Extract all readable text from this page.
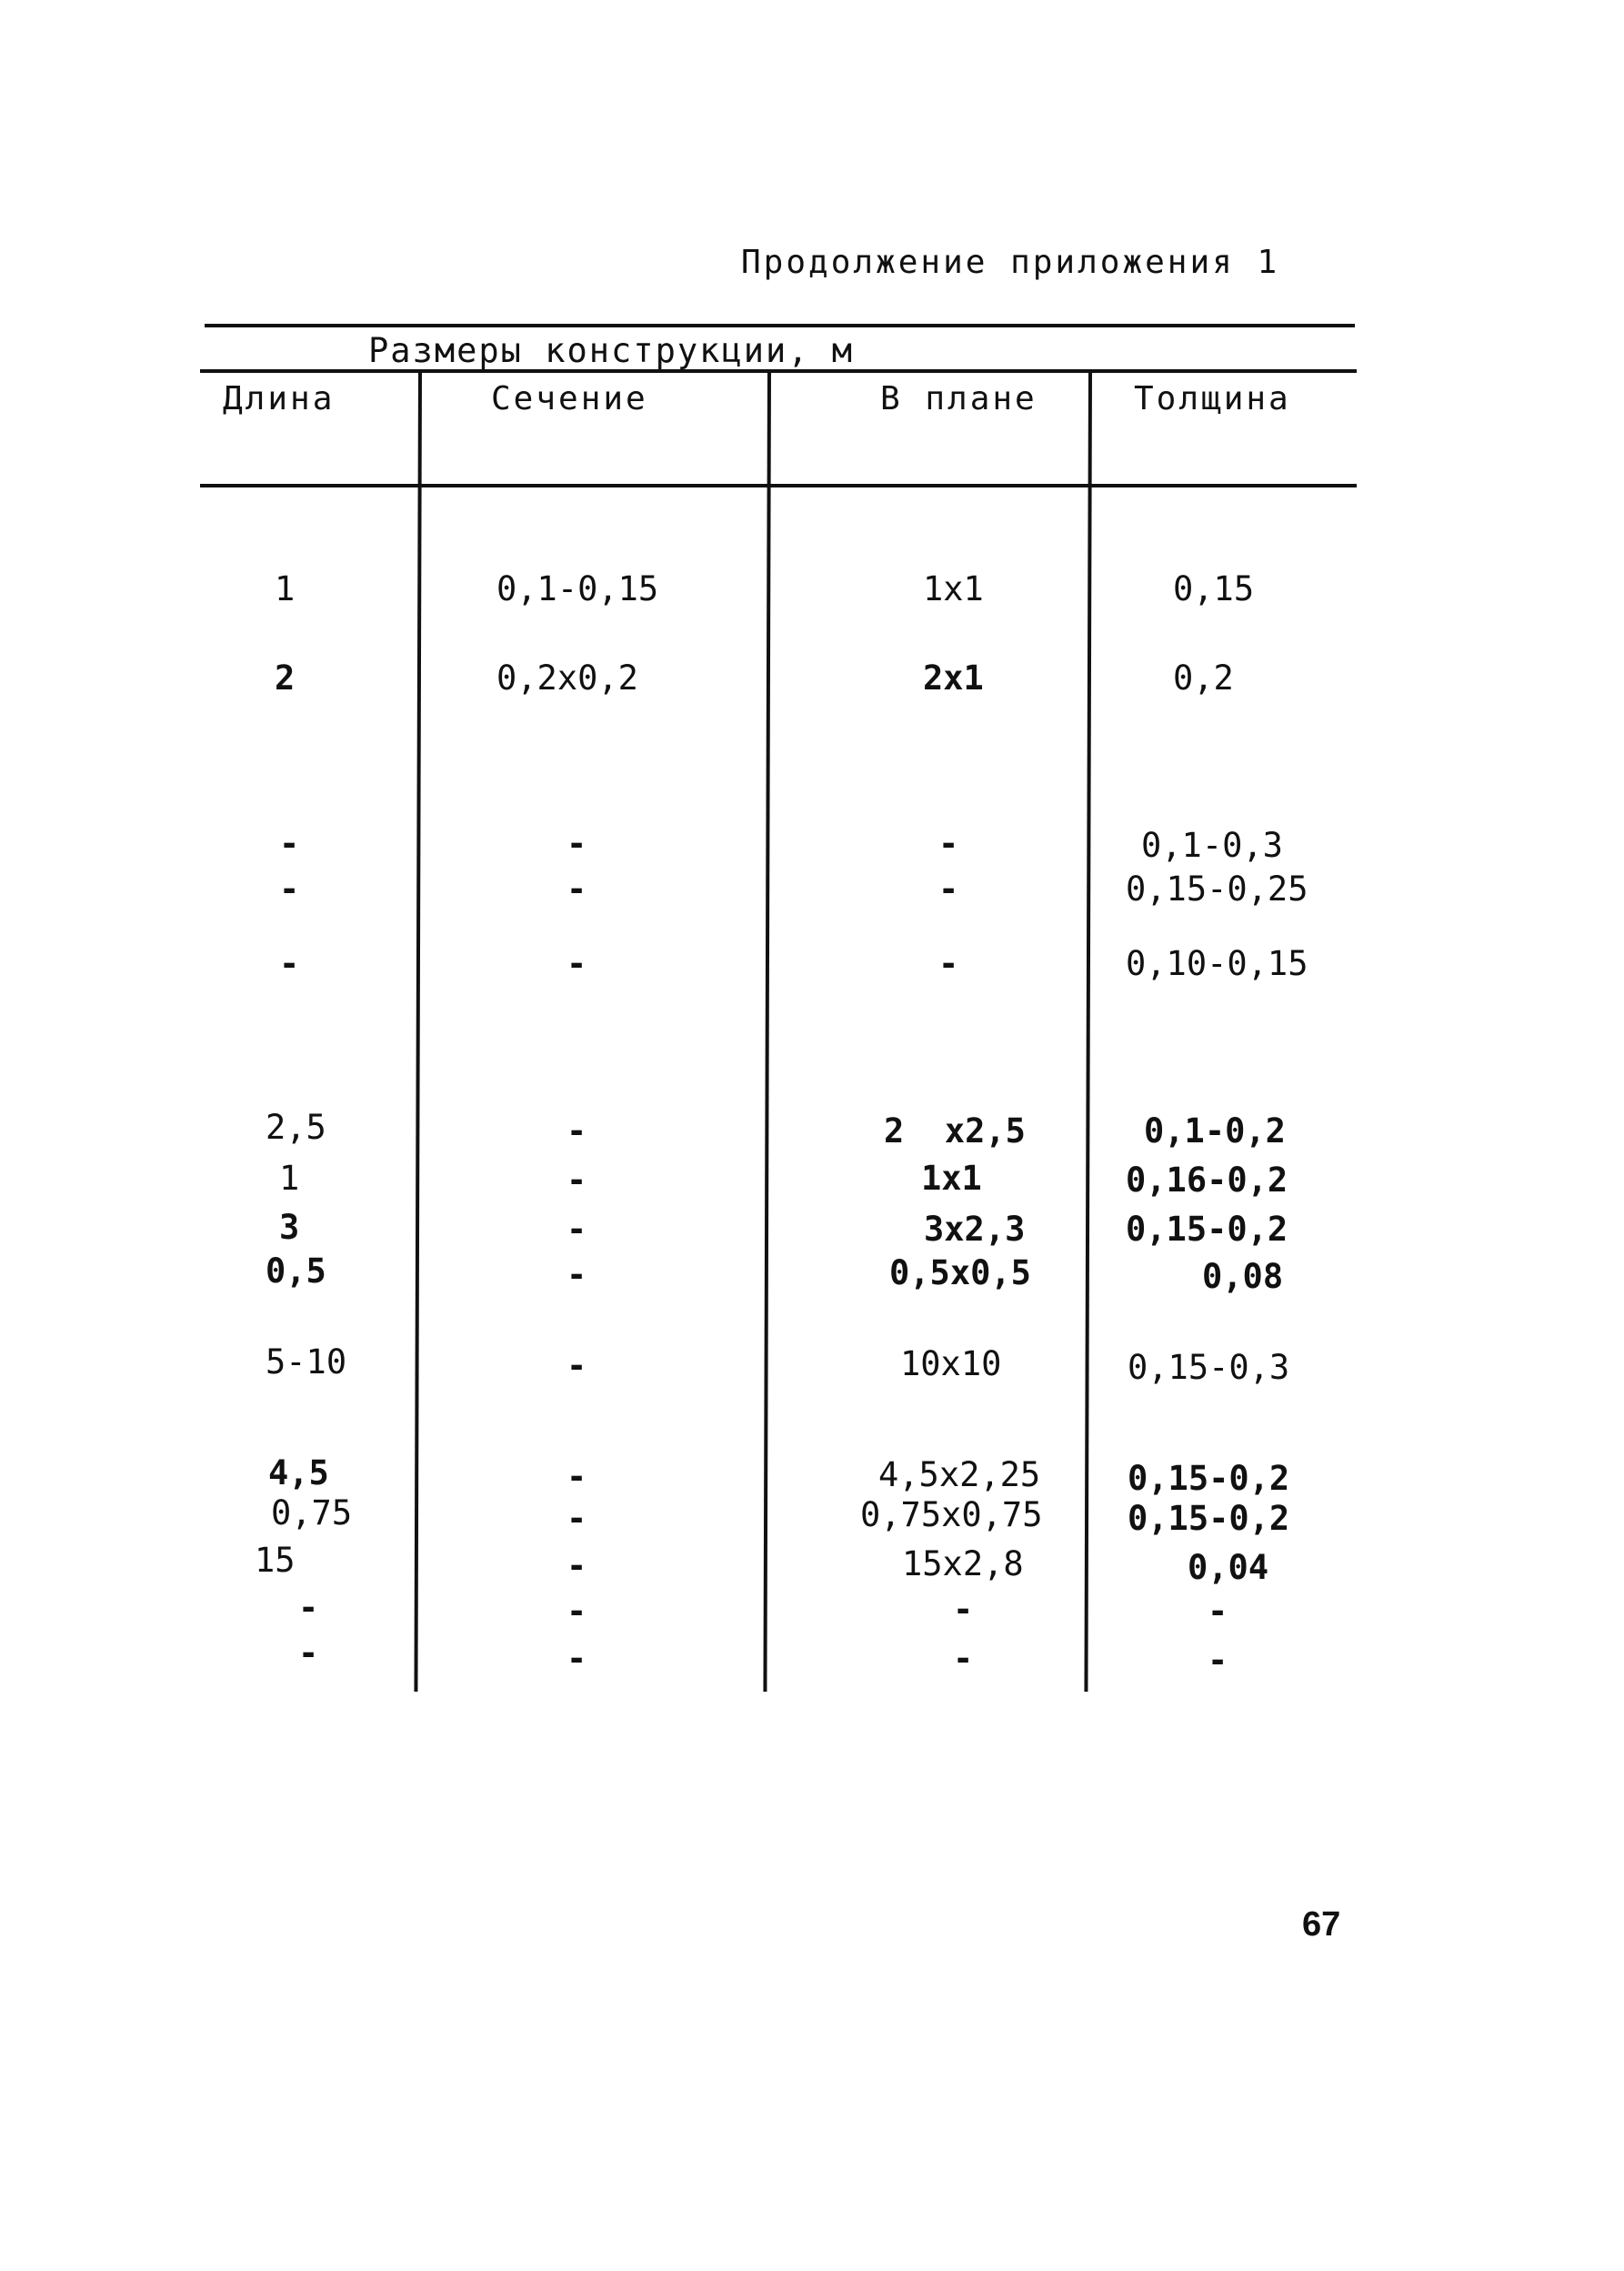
Продолжение приложения 1
Размеры конструкции, м
Длина	Сечение	В плане	Толщина
1	0,1-0,15	1x1	0,15
2	0,2x0,2	2x1	0,2
-	-	-	0,1-0,3
-	-	-	0,15-0,25
-	-	-	0,10-0,15
2,5	-	2  x2,5	0,1-0,2
1	-	1x1	0,16-0,2
3	-	3x2,3	0,15-0,2
0,5	-	0,5x0,5	0,08
5-10	-	10x10	0,15-0,3
4,5	-	4,5x2,25	0,15-0,2
0,75	-	0,75x0,75	0,15-0,2
15	-	15x2,8	0,04
-	-	-	-
-	-	-	-
67
